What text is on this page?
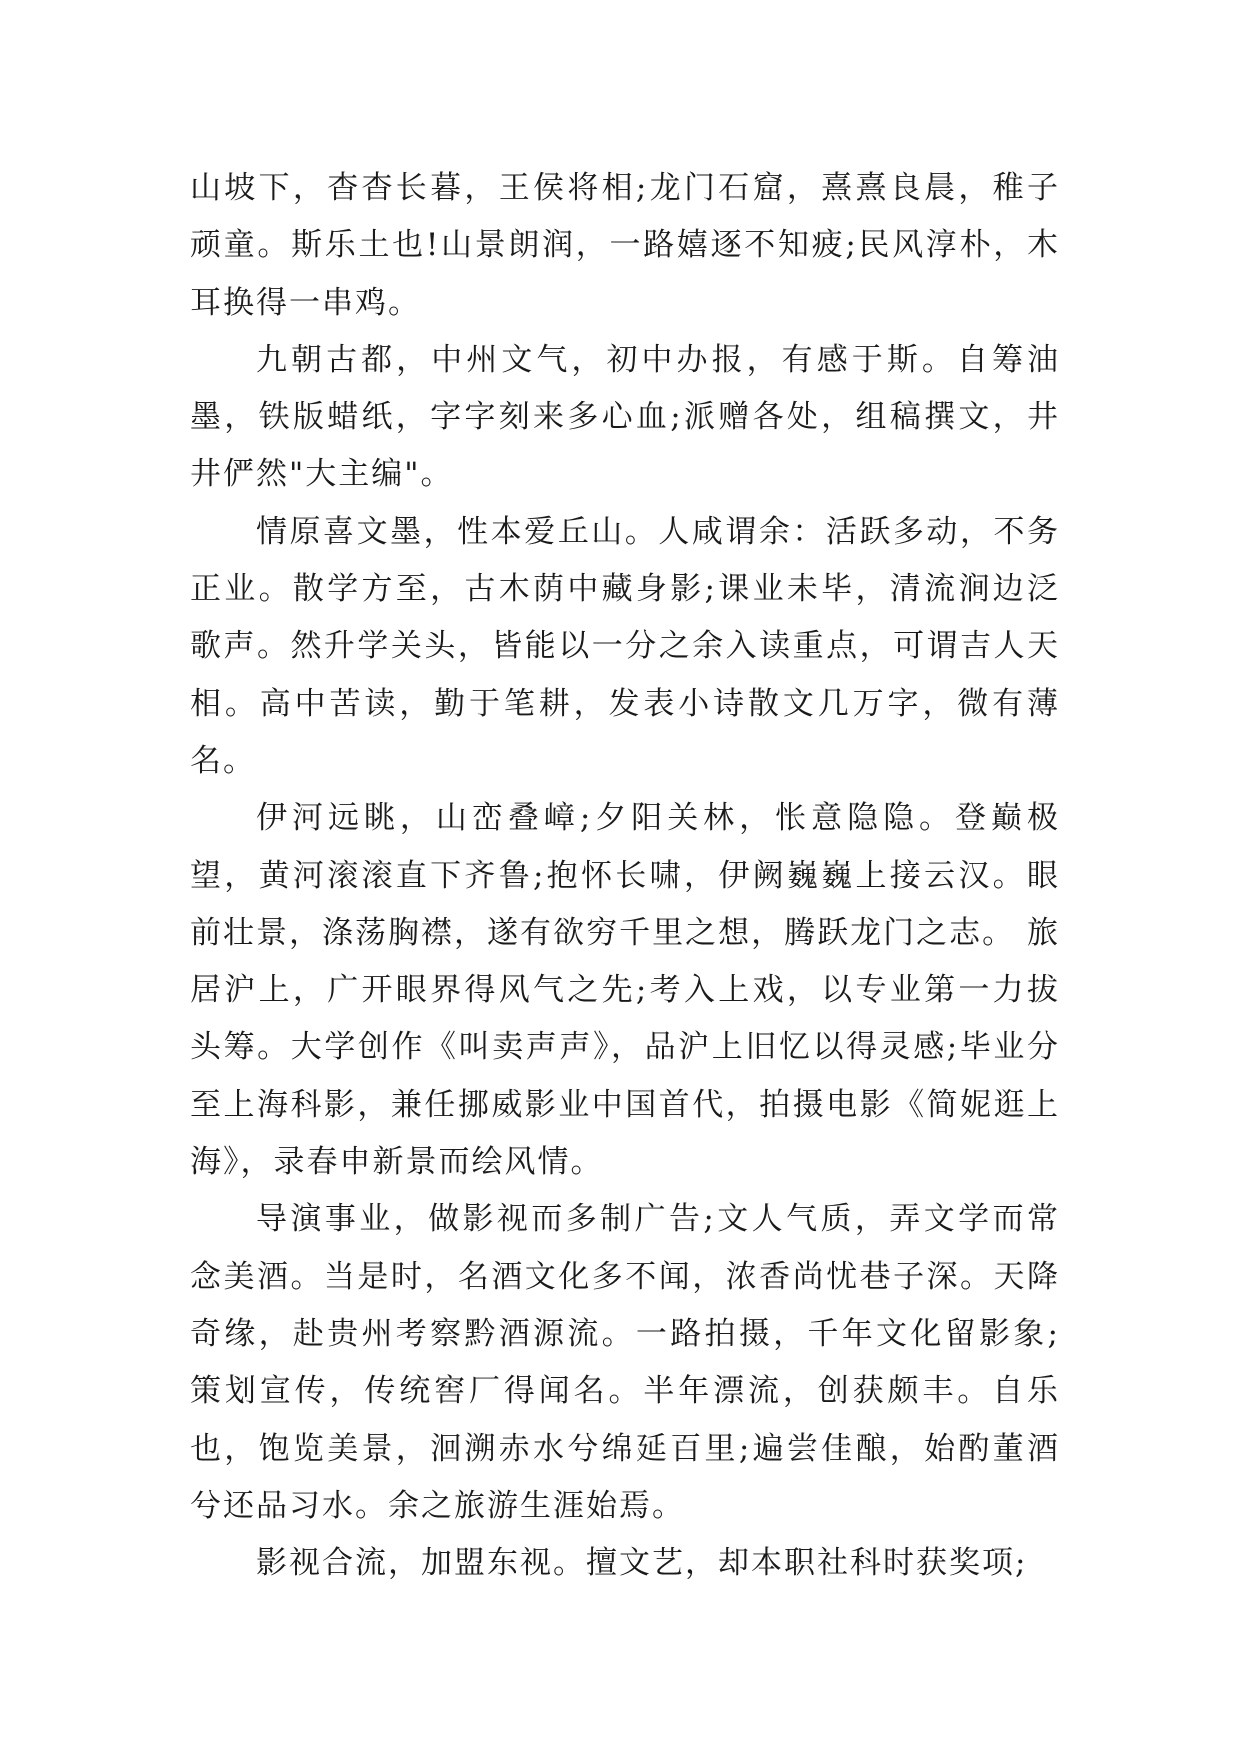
山坡下，杳杳长暮，王侯将相;龙门石窟，熹熹良晨，稚子顽童。斯乐土也!山景朗润，一路嬉逐不知疲;民风淳朴，木耳换得一串鸡。

九朝古都，中州文气，初中办报，有感于斯。自筹油墨，铁版蜡纸，字字刻来多心血;派赠各处，组稿撰文，井井俨然"大主编"。

情原喜文墨，性本爱丘山。人咸谓余：活跃多动，不务正业。散学方至，古木荫中藏身影;课业未毕，清流涧边泛歌声。然升学关头，皆能以一分之余入读重点，可谓吉人天相。高中苦读，勤于笔耕，发表小诗散文几万字，微有薄名。

伊河远眺，山峦叠嶂;夕阳关林，怅意隐隐。登巅极望，黄河滚滚直下齐鲁;抱怀长啸，伊阙巍巍上接云汉。眼前壮景，涤荡胸襟，遂有欲穷千里之想，腾跃龙门之志。 旅居沪上，广开眼界得风气之先;考入上戏，以专业第一力拔头筹。大学创作《叫卖声声》，品沪上旧忆以得灵感;毕业分至上海科影，兼任挪威影业中国首代，拍摄电影《简妮逛上海》，录春申新景而绘风情。

导演事业，做影视而多制广告;文人气质，弄文学而常念美酒。当是时，名酒文化多不闻，浓香尚忧巷子深。天降奇缘，赴贵州考察黔酒源流。一路拍摄，千年文化留影象;策划宣传，传统窖厂得闻名。半年漂流，创获颇丰。自乐也，饱览美景，洄溯赤水兮绵延百里;遍尝佳酿，始酌董酒兮还品习水。余之旅游生涯始焉。

影视合流，加盟东视。擅文艺，却本职社科时获奖项;
